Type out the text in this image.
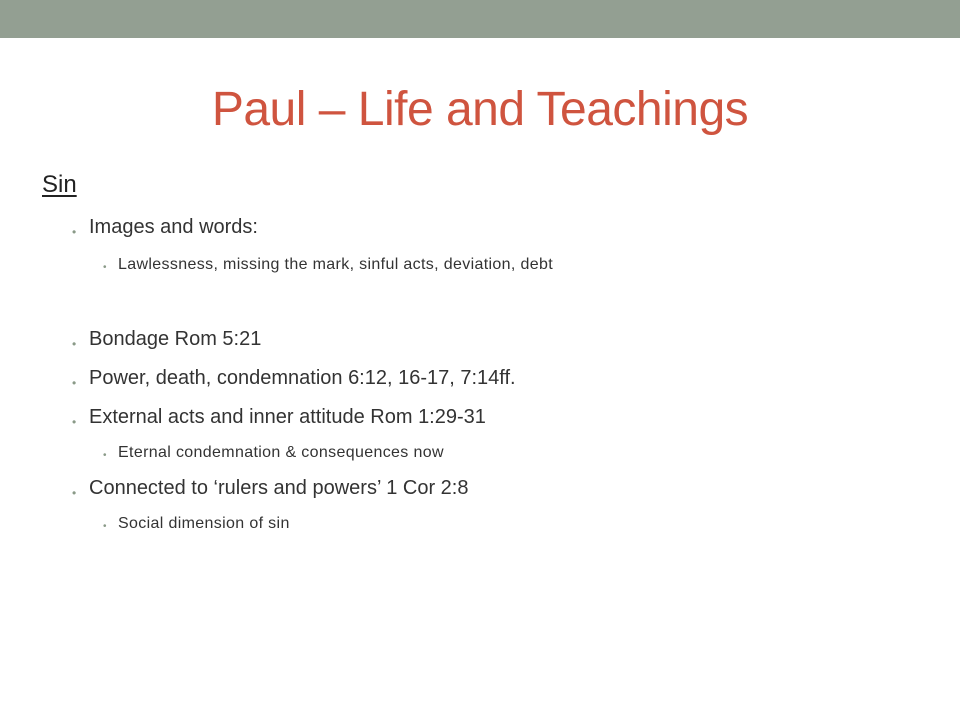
Paul – Life and Teachings
Sin
• Images and words:
• Lawlessness, missing the mark, sinful acts, deviation, debt
• Bondage Rom 5:21
• Power, death, condemnation 6:12, 16-17, 7:14ff.
• External acts and inner attitude Rom 1:29-31
• Eternal condemnation & consequences now
• Connected to ‘rulers and powers’ 1 Cor 2:8
• Social dimension of sin
